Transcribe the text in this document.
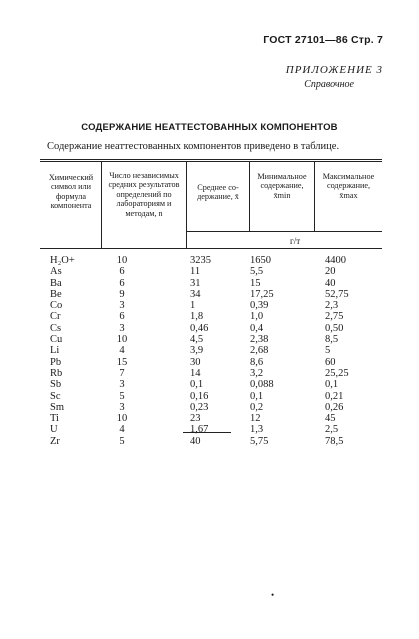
ГОСТ 27101—86 Стр. 7
ПРИЛОЖЕНИЕ 3
Справочное
СОДЕРЖАНИЕ НЕАТТЕСТОВАННЫХ КОМПОНЕНТОВ
Содержание неаттестованных компонентов приведено в таблице.
Химический
символ или
формула
компонента
Число независимых
средних результатов
определений по
лабораториям и
методам, n
Среднее со-
держание, x̄
Минимальное
содержание,
x̄min
Максимальное
содержание,
x̄max
г/т
H₂O+
As
Ba
Be
Co
Cr
Cs
Cu
Li
Pb
Rb
Sb
Sc
Sm
Ti
U
Zr
10
6
6
9
3
6
3
10
4
15
7
3
5
3
10
4
5
3235
11
31
34
1
1,8
0,46
4,5
3,9
30
14
0,1
0,16
0,23
23
1,67
40
1650
5,5
15
17,25
0,39
1,0
0,4
2,38
2,68
8,6
3,2
0,088
0,1
0,2
12
1,3
5,75
4400
20
40
52,75
2,3
2,75
0,50
8,5
5
60
25,25
0,1
0,21
0,26
45
2,5
78,5
•
